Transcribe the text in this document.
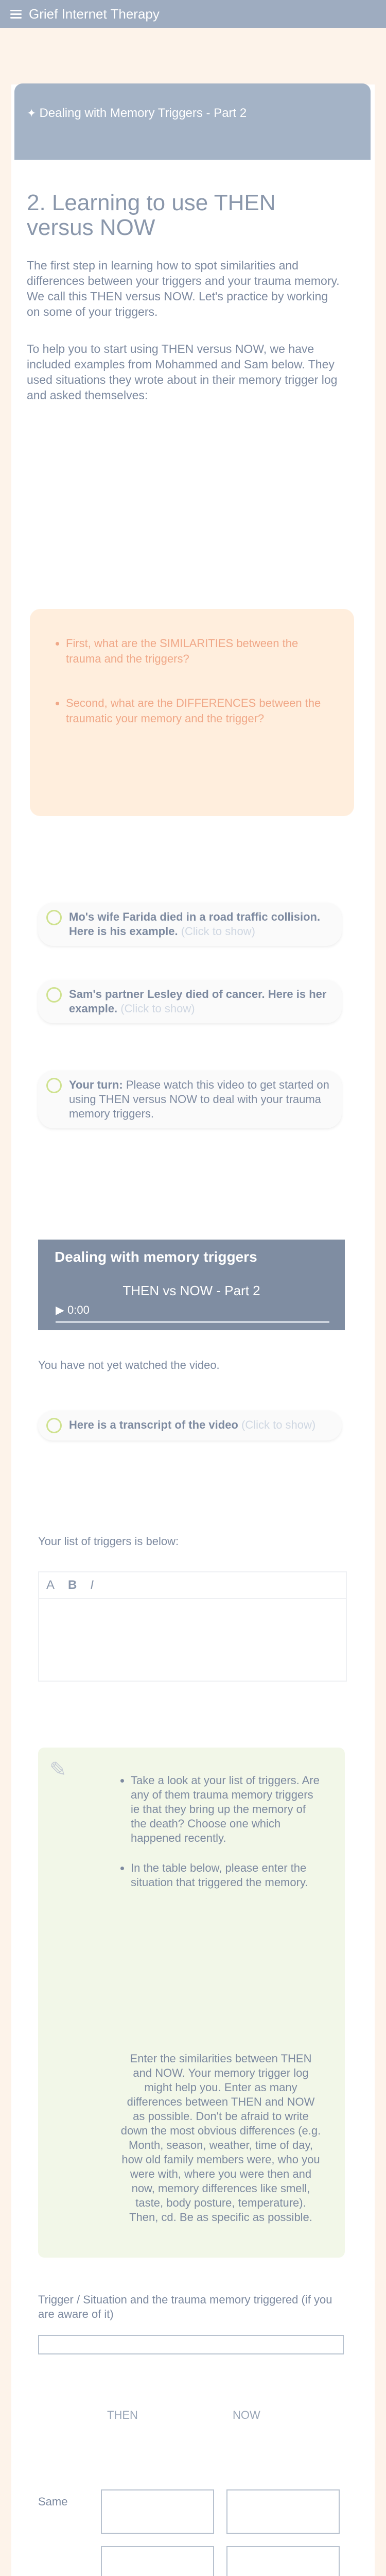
Grief Internet Therapy
✦ Dealing with Memory Triggers - Part 2
2. Learning to use THEN versus NOW

The first step in learning how to spot similarities and differences between your triggers and your trauma memory. We call this THEN versus NOW. Let's practice by working on some of your triggers.

To help you to start using THEN versus NOW, we have included examples from Mohammed and Sam below. They used situations they wrote about in their memory trigger log and asked themselves:

• First, what are the SIMILARITIES between the trauma and the triggers?
• Second, what are the DIFFERENCES between the traumatic your memory and the trigger?
Mo's wife Farida died in a road traffic collision. Here is his example. (Click to show)
Sam's partner Lesley died of cancer. Here is her example. (Click to show)
Your turn: Please watch this video to get started on using THEN versus NOW to deal with your trauma memory triggers.
Dealing with memory triggers
THEN vs NOW - Part 2
▶ 0:00
You have not yet watched the video.
Here is a transcript of the video (Click to show)
Your list of triggers is below:
A B I
✎
•	Take a look at your list of triggers. Are any of them trauma memory triggers ie that they bring up the memory of the death? Choose one which happened recently.
• In the table below, please enter the situation that triggered the memory.
Enter the similarities between THEN and NOW. Your memory trigger log might help you. Enter as many differences between THEN and NOW as possible. Don't be afraid to write down the most obvious differences (e.g. Month, season, weather, time of day, how old family members were, who you were with, where you were then and now, memory differences like smell, taste, body posture, temperature). Then, cd. Be as specific as possible.
Trigger / Situation and the trauma memory triggered (if you are aware of it)
THEN	NOW
Same
